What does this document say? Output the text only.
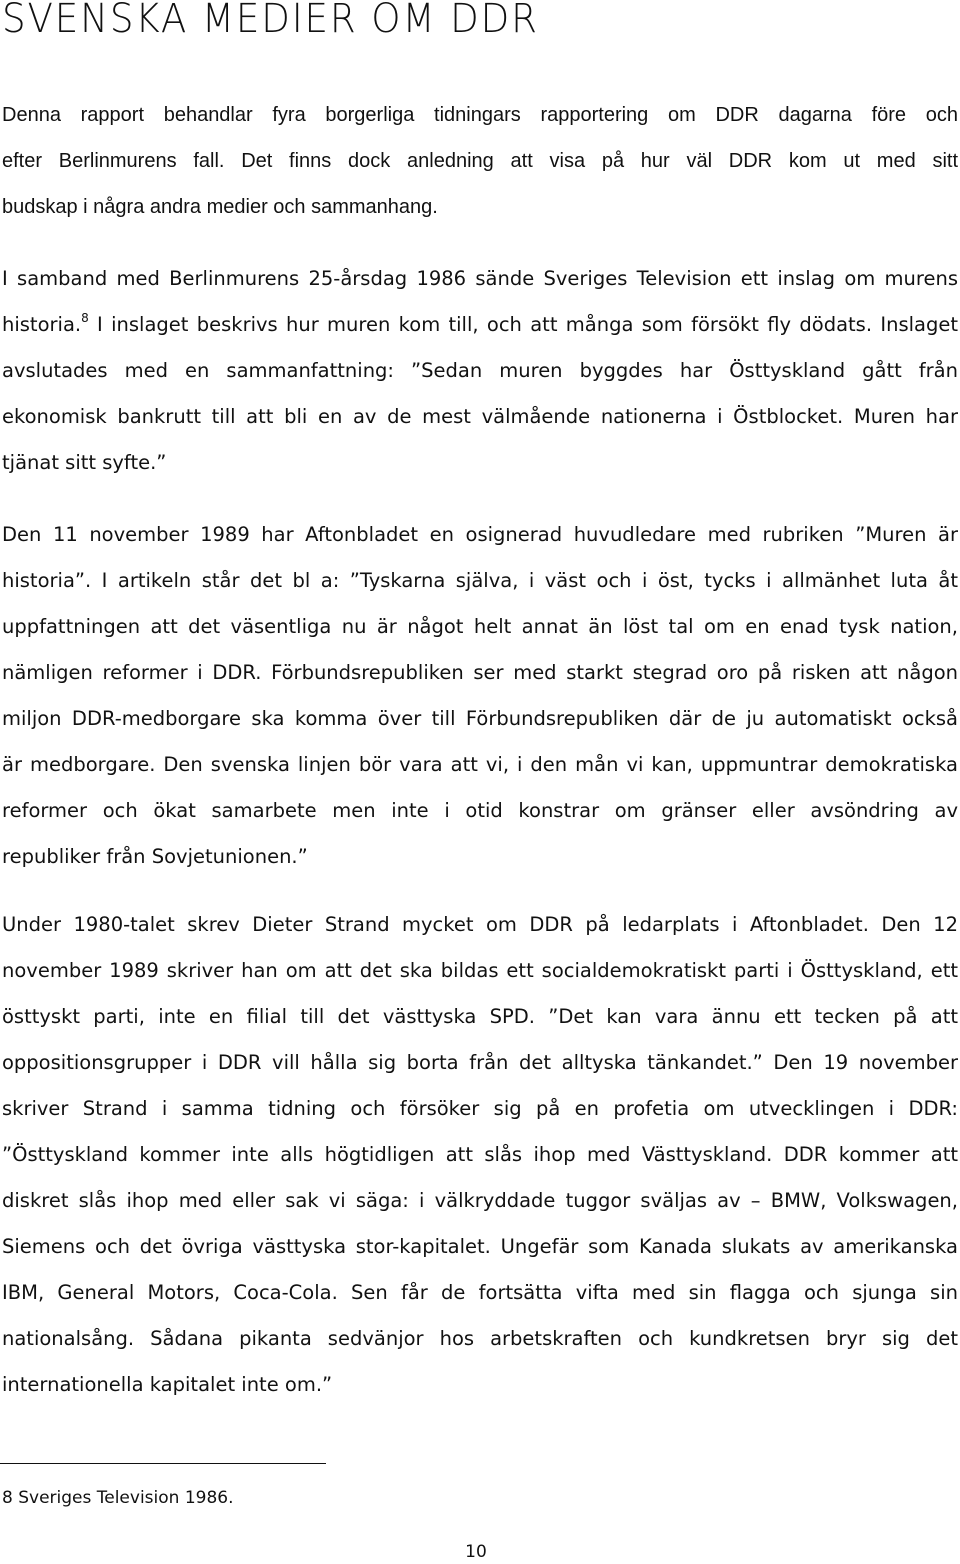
SVENSKA MEDIER OM DDR
Denna rapport behandlar fyra borgerliga tidningars rapportering om DDR dagarna före och
efter Berlinmurens fall. Det finns dock anledning att visa på hur väl DDR kom ut med sitt
budskap i några andra medier och sammanhang.
I samband med Berlinmurens 25-årsdag 1986 sände Sveriges Television ett inslag om murens
historia.$^8$ I inslaget beskrivs hur muren kom till, och att många som försökt fly dödats. Inslaget
avslutades med en sammanfattning: ”Sedan muren byggdes har Östtyskland gått från
ekonomisk bankrutt till att bli en av de mest välmående nationerna i Östblocket. Muren har
tjänat sitt syfte.”
Den 11 november 1989 har Aftonbladet en osignerad huvudledare med rubriken ”Muren är
historia”. I artikeln står det bl a: ”Tyskarna själva, i väst och i öst, tycks i allmänhet luta åt
uppfattningen att det väsentliga nu är något helt annat än löst tal om en enad tysk nation,
nämligen reformer i DDR. Förbundsrepubliken ser med starkt stegrad oro på risken att någon
miljon DDR-medborgare ska komma över till Förbundsrepubliken där de ju automatiskt också
är medborgare. Den svenska linjen bör vara att vi, i den mån vi kan, uppmuntrar demokratiska
reformer och ökat samarbete men inte i otid konstrar om gränser eller avsöndring av
republiker från Sovjetunionen.”
Under 1980-talet skrev Dieter Strand mycket om DDR på ledarplats i Aftonbladet. Den 12
november 1989 skriver han om att det ska bildas ett socialdemokratiskt parti i Östtyskland, ett
östtyskt parti, inte en filial till det västtyska SPD. ”Det kan vara ännu ett tecken på att
oppositionsgrupper i DDR vill hålla sig borta från det alltyska tänkandet.” Den 19 november
skriver Strand i samma tidning och försöker sig på en profetia om utvecklingen i DDR:
”Östtyskland kommer inte alls högtidligen att slås ihop med Västtyskland. DDR kommer att
diskret slås ihop med eller sak vi säga: i välkryddade tuggor sväljas av – BMW, Volkswagen,
Siemens och det övriga västtyska stor-kapitalet. Ungefär som Kanada slukats av amerikanska
IBM, General Motors, Coca-Cola. Sen får de fortsätta vifta med sin flagga och sjunga sin
nationalsång. Sådana pikanta sedvänjor hos arbetskraften och kundkretsen bryr sig det
internationella kapitalet inte om.”

8 Sveriges Television 1986.

10
